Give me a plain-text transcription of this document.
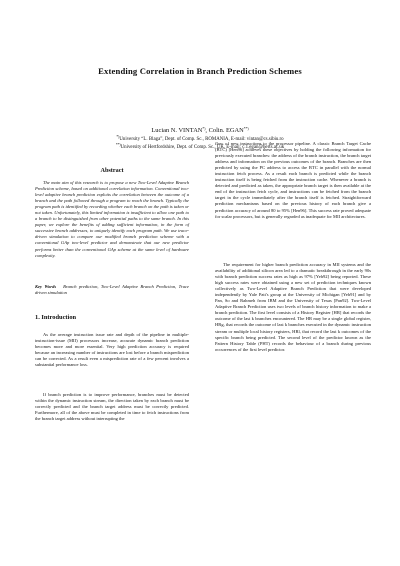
Extending Correlation in Branch Prediction Schemes
Lucian N. VINTAN*), Colin. EGAN**)
*)University “L. Blaga”, Dept. of Comp. Sc., ROMANIA, E-mail: vintan@cs.sibiu.ro
**)University of Hertfordshire, Dept. of Comp. Sc., UK, E-mail: c.1.egan@herts.ac.uk
Abstract
The main aim of this research is to propose a new Two-Level Adaptive Branch Prediction scheme, based on additional correlation information. Conventional two-level adaptive branch prediction exploits the correlation between the outcome of a branch and the path followed through a program to reach the branch. Typically the program path is identified by recording whether each branch on the path is taken or not taken. Unfortunately, this limited information is insufficient to allow one path to a branch to be distinguished from other potential paths to the same branch. In this paper, we explore the benefits of adding sufficient information, in the form of successive branch addresses, to uniquely identify each program path. We use trace-driven simulation to compare our modified branch prediction scheme with a conventional GAp two-level predictor and demonstrate that our new predictor performs better than the conventional GAp scheme at the same level of hardware complexity.
Key Words Branch prediction, Two-Level Adaptive Branch Prediction, Trace driven simulation
1. Introduction
As the average instruction issue rate and depth of the pipeline in multiple-instruction-issue (MII) processors increase, accurate dynamic branch prediction becomes more and more essential. Very high prediction accuracy is required because an increasing number of instructions are lost before a branch misprediction can be corrected. As a result even a misprediction rate of a few percent involves a substantial performance loss.
If branch prediction is to improve performance, branches must be detected within the dynamic instruction stream, the direction taken by each branch must be correctly predicted and the branch target address must be correctly predicted. Furthermore, all of the above must be completed in time to fetch instructions from the branch target address without interrupting the
flow of new instructions to the processor pipeline. A classic Branch Target Cache (BTC) [Hen96] achieves these objectives by holding the following information for previously executed branches: the address of the branch instruction, the branch target address and information on the previous outcomes of the branch. Branches are then predicted by using the PC address to access the BTC in parallel with the normal instruction fetch process. As a result each branch is predicted while the branch instruction itself is being fetched from the instruction cache. Whenever a branch is detected and predicted as taken, the appropriate branch target is then available at the end of the instruction fetch cycle, and instructions can be fetched from the branch target in the cycle immediately after the branch itself is fetched. Straightforward prediction mechanisms based on the previous history of each branch give a prediction accuracy of around 80 to 95% [Hen96]. This success rate proved adequate for scalar processors, but is generally regarded as inadequate for MII architectures.
The requirement for higher branch prediction accuracy in MII systems and the availability of additional silicon area led to a dramatic breakthrough in the early 90s with branch prediction success rates as high as 97% [Yeh92] being reported. These high success rates were obtained using a new set of prediction techniques known collectively as Two-Level Adaptive Branch Prediction that were developed independently by Yale Patt's group at the University of Michigan [Yeh91] and by Pan, So and Rahmeh from IBM and the University of Texas [Pan92]. Two-Level Adaptive Branch Prediction uses two levels of branch history information to make a branch prediction. The first level consists of a History Register [HR] that records the outcome of the last k branches encountered. The HR may be a single global register, HRg, that records the outcome of last k branches executed in the dynamic instruction stream or multiple local history registers, HRl, that record the last k outcomes of the specific branch being predicted. The second level of the predictor known as the Pattern History Table (PHT) records the behaviour of a branch during previous occurrences of the first level predictor.
